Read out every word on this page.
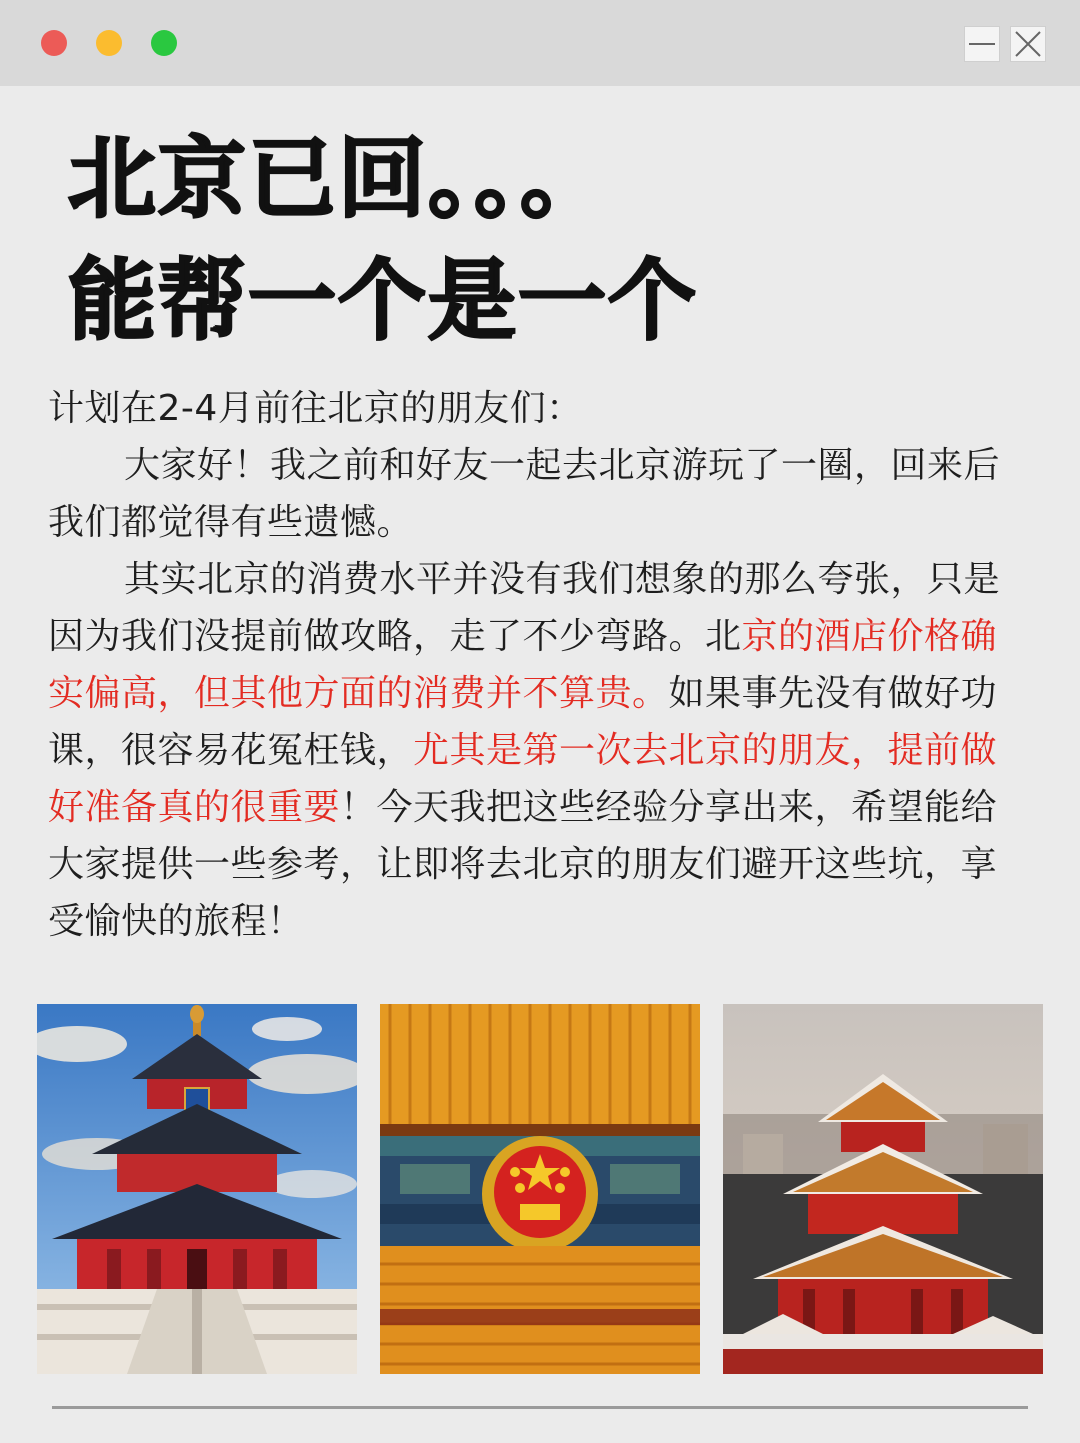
北京已回。。。
能帮一个是一个

计划在2-4月前往北京的朋友们：

大家好！我之前和好友一起去北京游玩了一圈，回来后我们都觉得有些遗憾。

其实北京的消费水平并没有我们想象的那么夸张，只是因为我们没提前做攻略，走了不少弯路。北京的酒店价格确实偏高，但其他方面的消费并不算贵。如果事先没有做好功课，很容易花冤枉钱，尤其是第一次去北京的朋友，提前做好准备真的很重要！今天我把这些经验分享出来，希望能给大家提供一些参考，让即将去北京的朋友们避开这些坑，享受愉快的旅程！
